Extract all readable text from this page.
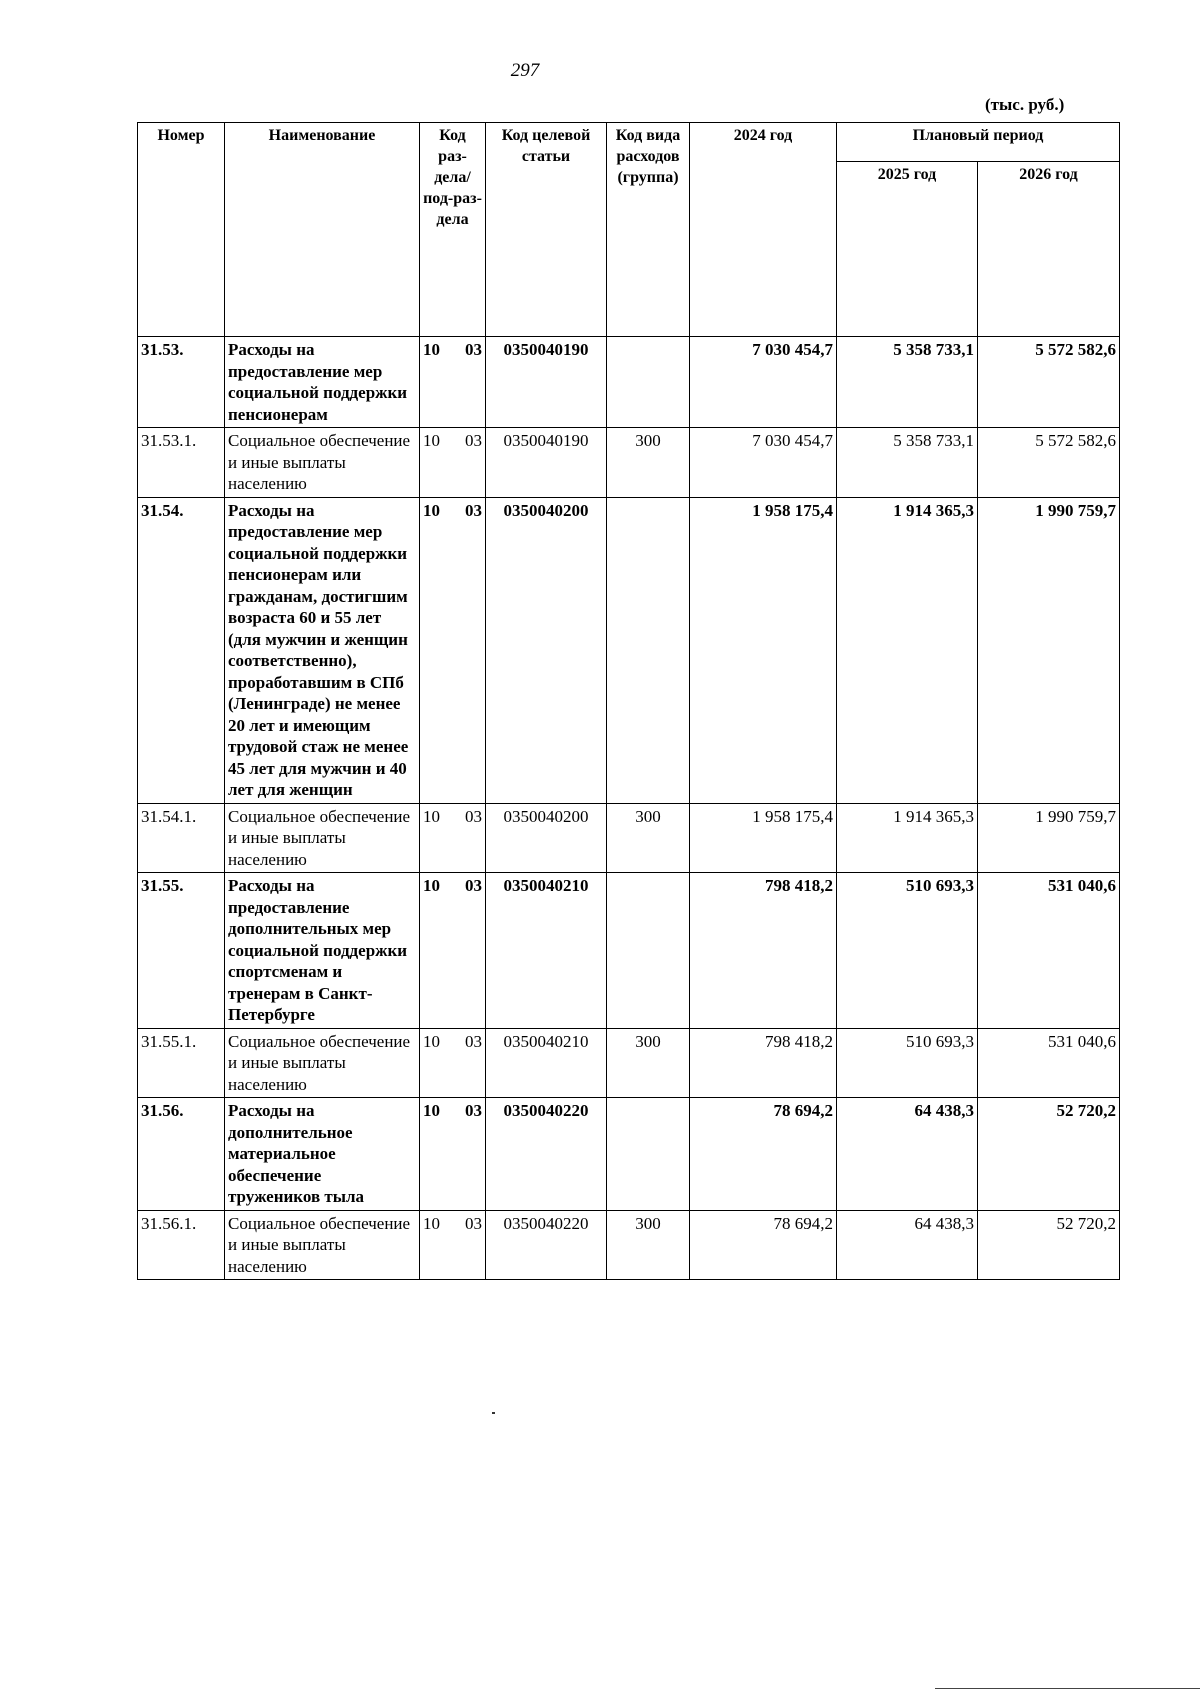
297
(тыс. руб.)
Номер	Наименование	Код раз-дела/ под-раз-дела	Код целевой статьи	Код вида расходов (группа)	2024 год	Плановый период	
						2025 год	2026 год
31.53.	Расходы на предоставление мер социальной поддержки пенсионерам	10 03	0350040190		7 030 454,7	5 358 733,1	5 572 582,6
31.53.1.	Социальное обеспечение и иные выплаты населению	10 03	0350040190	300	7 030 454,7	5 358 733,1	5 572 582,6
31.54.	Расходы на предоставление мер социальной поддержки пенсионерам или гражданам, достигшим возраста 60 и 55 лет (для мужчин и женщин соответственно), проработавшим в СПб (Ленинграде) не менее 20 лет и имеющим трудовой стаж не менее 45 лет для мужчин и 40 лет для женщин	10 03	0350040200		1 958 175,4	1 914 365,3	1 990 759,7
31.54.1.	Социальное обеспечение и иные выплаты населению	10 03	0350040200	300	1 958 175,4	1 914 365,3	1 990 759,7
31.55.	Расходы на предоставление дополнительных мер социальной поддержки спортсменам и тренерам в Санкт-Петербурге	10 03	0350040210		798 418,2	510 693,3	531 040,6
31.55.1.	Социальное обеспечение и иные выплаты населению	10 03	0350040210	300	798 418,2	510 693,3	531 040,6
31.56.	Расходы на дополнительное материальное обеспечение тружеников тыла	10 03	0350040220		78 694,2	64 438,3	52 720,2
31.56.1.	Социальное обеспечение и иные выплаты населению	10 03	0350040220	300	78 694,2	64 438,3	52 720,2
